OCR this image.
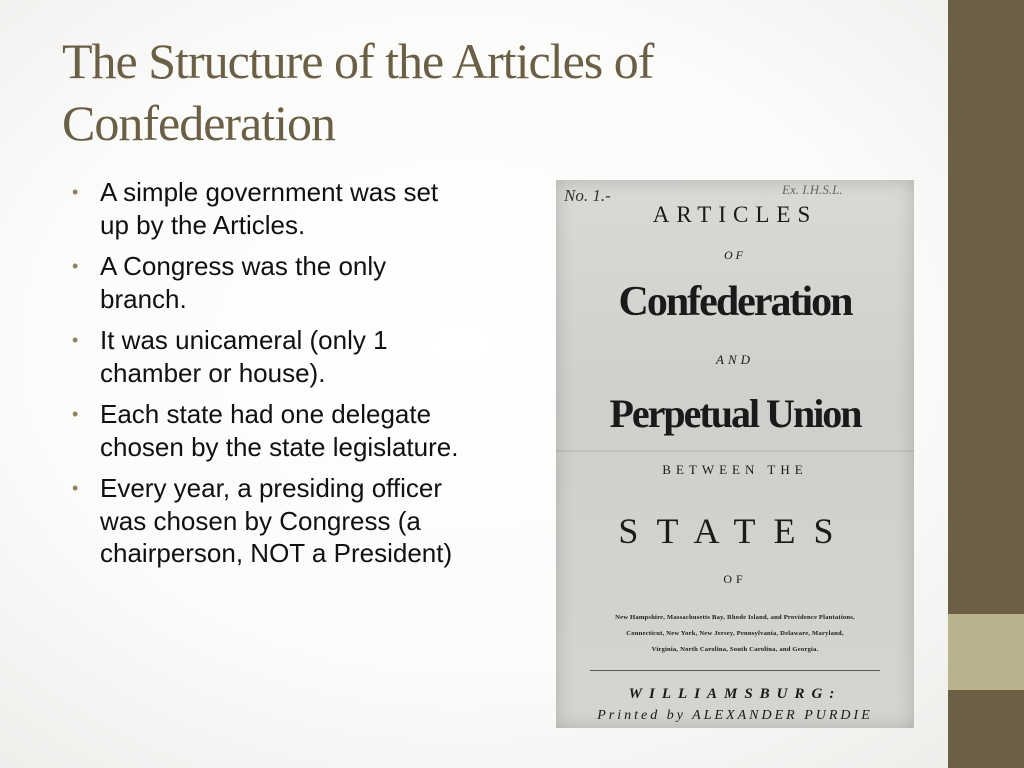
The Structure of the Articles of Confederation
• A simple government was set up by the Articles.
• A Congress was the only branch.
• It was unicameral (only 1 chamber or house).
• Each state had one delegate chosen by the state legislature.
• Every year, a presiding officer was chosen by Congress (a chairperson, NOT a President)
No. 1.-	Ex. I.H.S.L.
ARTICLES
OF
Confederation
AND
Perpetual Union
BETWEEN THE
STATES
OF
New Hampshire, Massachusetts Bay, Rhode Island, and Providence Plantations,
Connecticut, New York, New Jersey, Pennsylvania, Delaware, Maryland,
Virginia, North Carolina, South Carolina, and Georgia.
WILLIAMSBURG:
Printed by ALEXANDER PURDIE
